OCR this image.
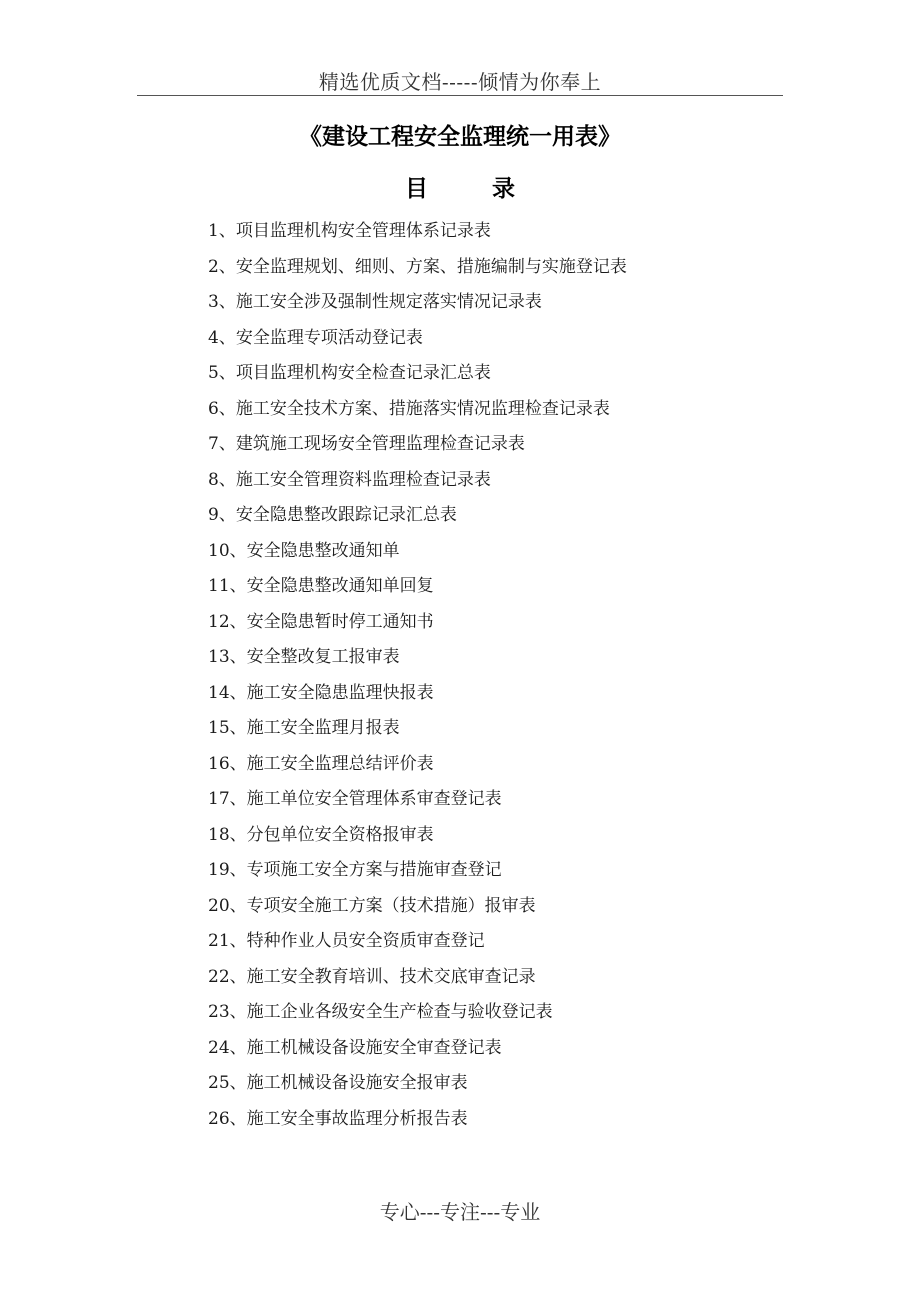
精选优质文档-----倾情为你奉上
《建设工程安全监理统一用表》
目录
1、项目监理机构安全管理体系记录表
2、安全监理规划、细则、方案、措施编制与实施登记表
3、施工安全涉及强制性规定落实情况记录表
4、安全监理专项活动登记表
5、项目监理机构安全检查记录汇总表
6、施工安全技术方案、措施落实情况监理检查记录表
7、建筑施工现场安全管理监理检查记录表
8、施工安全管理资料监理检查记录表
9、安全隐患整改跟踪记录汇总表
10、安全隐患整改通知单
11、安全隐患整改通知单回复
12、安全隐患暂时停工通知书
13、安全整改复工报审表
14、施工安全隐患监理快报表
15、施工安全监理月报表
16、施工安全监理总结评价表
17、施工单位安全管理体系审查登记表
18、分包单位安全资格报审表
19、专项施工安全方案与措施审查登记
20、专项安全施工方案（技术措施）报审表
21、特种作业人员安全资质审查登记
22、施工安全教育培训、技术交底审查记录
23、施工企业各级安全生产检查与验收登记表
24、施工机械设备设施安全审查登记表
25、施工机械设备设施安全报审表
26、施工安全事故监理分析报告表
专心---专注---专业
